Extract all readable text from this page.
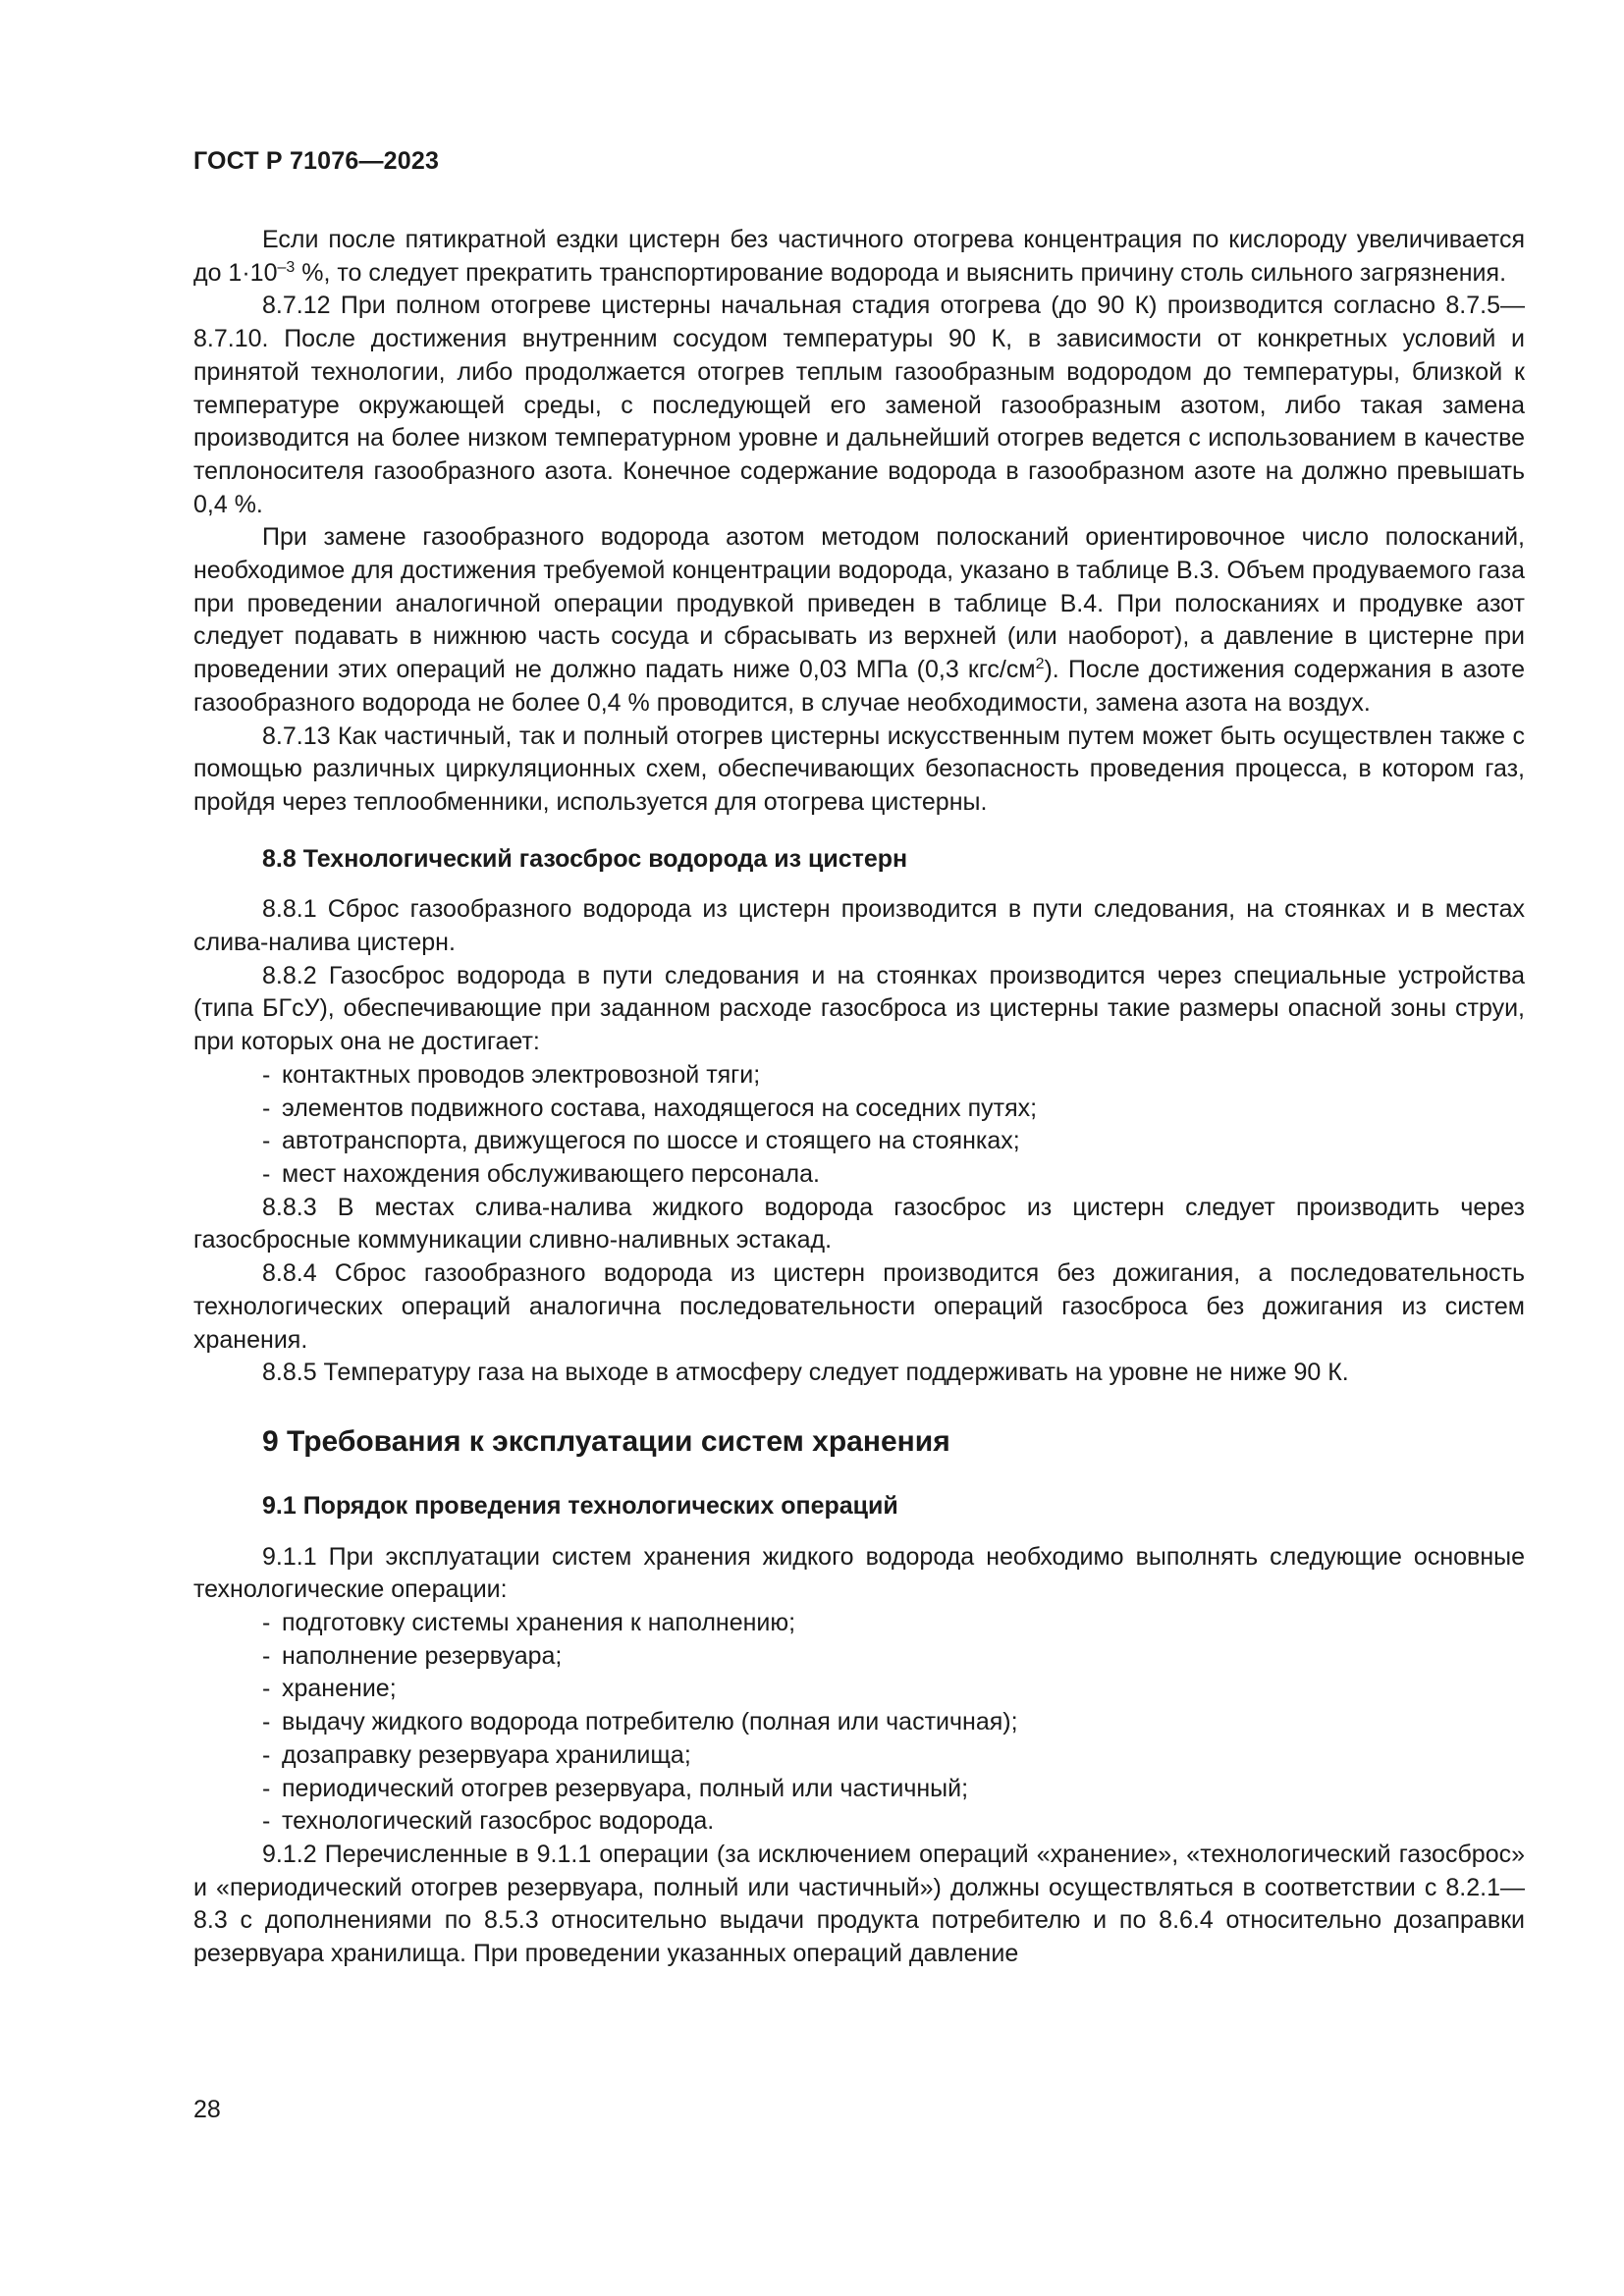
ГОСТ Р 71076—2023

Если после пятикратной ездки цистерн без частичного отогрева концентрация по кислороду увеличивается до $1\cdot 10^{-3}$ %, то следует прекратить транспортирование водорода и выяснить причину столь сильного загрязнения.

8.7.12 При полном отогреве цистерны начальная стадия отогрева (до 90 К) производится согласно 8.7.5—8.7.10. После достижения внутренним сосудом температуры 90 К, в зависимости от конкретных условий и принятой технологии, либо продолжается отогрев теплым газообразным водородом до температуры, близкой к температуре окружающей среды, с последующей его заменой газообразным азотом, либо такая замена производится на более низком температурном уровне и дальнейший отогрев ведется с использованием в качестве теплоносителя газообразного азота. Конечное содержание водорода в газообразном азоте на должно превышать 0,4 %.

При замене газообразного водорода азотом методом полосканий ориентировочное число полосканий, необходимое для достижения требуемой концентрации водорода, указано в таблице В.3. Объем продуваемого газа при проведении аналогичной операции продувкой приведен в таблице В.4. При полосканиях и продувке азот следует подавать в нижнюю часть сосуда и сбрасывать из верхней (или наоборот), а давление в цистерне при проведении этих операций не должно падать ниже 0,03 МПа (0,3 кгс/$см^2$). После достижения содержания в азоте газообразного водорода не более 0,4 % проводится, в случае необходимости, замена азота на воздух.

8.7.13 Как частичный, так и полный отогрев цистерны искусственным путем может быть осуществлен также с помощью различных циркуляционных схем, обеспечивающих безопасность проведения процесса, в котором газ, пройдя через теплообменники, используется для отогрева цистерны.

8.8 Технологический газосброс водорода из цистерн

8.8.1 Сброс газообразного водорода из цистерн производится в пути следования, на стоянках и в местах слива-налива цистерн.

8.8.2 Газосброс водорода в пути следования и на стоянках производится через специальные устройства (типа БГсУ), обеспечивающие при заданном расходе газосброса из цистерны такие размеры опасной зоны струи, при которых она не достигает:

- контактных проводов электровозной тяги;
- элементов подвижного состава, находящегося на соседних путях;
- автотранспорта, движущегося по шоссе и стоящего на стоянках;
- мест нахождения обслуживающего персонала.

8.8.3 В местах слива-налива жидкого водорода газосброс из цистерн следует производить через газосбросные коммуникации сливно-наливных эстакад.

8.8.4 Сброс газообразного водорода из цистерн производится без дожигания, а последовательность технологических операций аналогична последовательности операций газосброса без дожигания из систем хранения.

8.8.5 Температуру газа на выходе в атмосферу следует поддерживать на уровне не ниже 90 К.

9 Требования к эксплуатации систем хранения

9.1 Порядок проведения технологических операций

9.1.1 При эксплуатации систем хранения жидкого водорода необходимо выполнять следующие основные технологические операции:

- подготовку системы хранения к наполнению;
- наполнение резервуара;
- хранение;
- выдачу жидкого водорода потребителю (полная или частичная);
- дозаправку резервуара хранилища;
- периодический отогрев резервуара, полный или частичный;
- технологический газосброс водорода.

9.1.2 Перечисленные в 9.1.1 операции (за исключением операций «хранение», «технологический газосброс» и «периодический отогрев резервуара, полный или частичный») должны осуществляться в соответствии с 8.2.1—8.3 с дополнениями по 8.5.3 относительно выдачи продукта потребителю и по 8.6.4 относительно дозаправки резервуара хранилища. При проведении указанных операций давление

28
